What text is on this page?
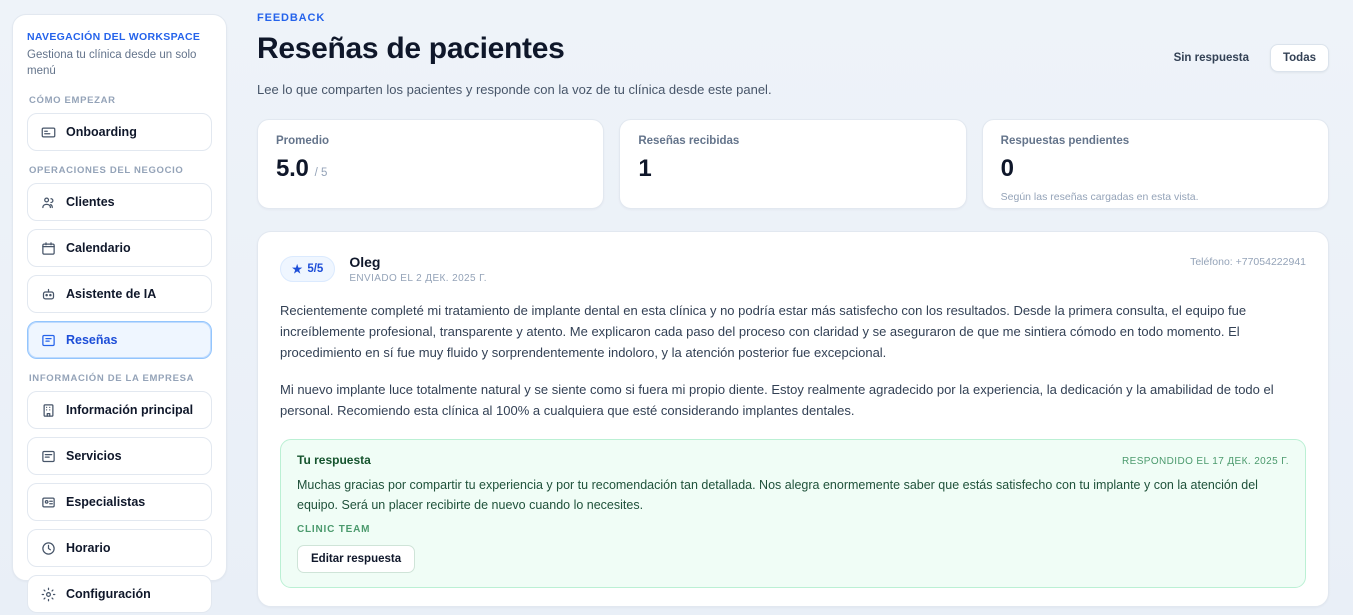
NAVEGACIÓN DEL WORKSPACE
Gestiona tu clínica desde un solo menú
CÓMO EMPEZAR
Onboarding
OPERACIONES DEL NEGOCIO
Clientes
Calendario
Asistente de IA
Reseñas
INFORMACIÓN DE LA EMPRESA
Información principal
Servicios
Especialistas
Horario
Configuración
FEEDBACK
Reseñas de pacientes	Sin respuesta	Todas
Lee lo que comparten los pacientes y responde con la voz de tu clínica desde este panel.
Promedio
5.0 / 5
Reseñas recibidas
1
Respuestas pendientes
0
Según las reseñas cargadas en esta vista.
★ 5/5 Oleg
ENVIADO EL 2 ДЕК. 2025 Г.
Teléfono: +77054222941

Recientemente completé mi tratamiento de implante dental en esta clínica y no podría estar más satisfecho con los resultados. Desde la primera consulta, el equipo fue increíblemente profesional, transparente y atento. Me explicaron cada paso del proceso con claridad y se aseguraron de que me sintiera cómodo en todo momento. El procedimiento en sí fue muy fluido y sorprendentemente indoloro, y la atención posterior fue excepcional.

Mi nuevo implante luce totalmente natural y se siente como si fuera mi propio diente. Estoy realmente agradecido por la experiencia, la dedicación y la amabilidad de todo el personal. Recomiendo esta clínica al 100% a cualquiera que esté considerando implantes dentales.

Tu respuesta	RESPONDIDO EL 17 ДЕК. 2025 Г.
Muchas gracias por compartir tu experiencia y por tu recomendación tan detallada. Nos alegra enormemente saber que estás satisfecho con tu implante y con la atención del equipo. Será un placer recibirte de nuevo cuando lo necesites.
CLINIC TEAM
Editar respuesta
